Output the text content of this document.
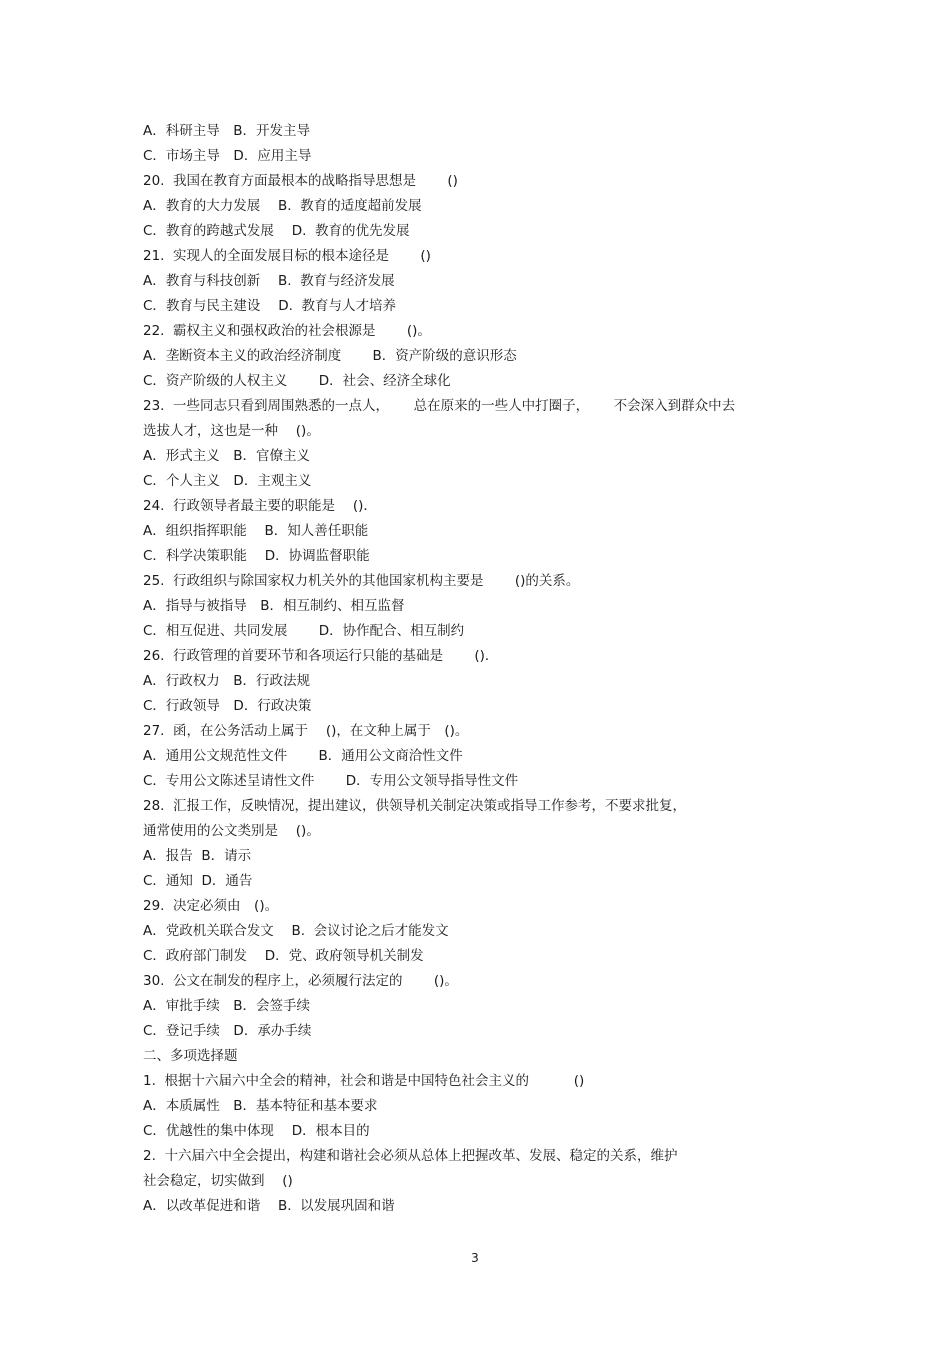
A．科研主导　B．开发主导
C．市场主导　D．应用主导
20.  我国在教育方面最根本的战略指导思想是　　 ()
A．教育的大力发展　 B.  教育的适度超前发展
C．教育的跨越式发展　 D.  教育的优先发展
21.  实现人的全面发展目标的根本途径是　　 ()
A．教育与科技创新　 B.  教育与经济发展
C．教育与民主建设　 D.  教育与人才培养
22.  霸权主义和强权政治的社会根源是　　 ()。
A．垄断资本主义的政治经济制度　　 B．资产阶级的意识形态
C．资产阶级的人权主义　　 D．社会、经济全球化
23.  一些同志只看到周围熟悉的一点人，　　 总在原来的一些人中打圈子，　　 不会深入到群众中去
选拔人才，这也是一种　 ()。
A．形式主义　B．官僚主义
C．个人主义　D．主观主义
24.  行政领导者最主要的职能是　 ()．
A．组织指挥职能　 B．知人善任职能
C．科学决策职能　 D．协调监督职能
25.  行政组织与除国家权力机关外的其他国家机构主要是　　 ()的关系。
A．指导与被指导　B．相互制约、相互监督
C．相互促进、共同发展　　 D．协作配合、相互制约
26.  行政管理的首要环节和各项运行只能的基础是　　 ()．
A．行政权力　B．行政法规
C．行政领导　D．行政决策
27.  函，在公务活动上属于　 ()，在文种上属于　()。
A．通用公文规范性文件　　 B．通用公文商洽性文件
C．专用公文陈述呈请性文件　　 D．专用公文领导指导性文件
28.  汇报工作，反映情况，提出建议，供领导机关制定决策或指导工作参考，不要求批复，
通常使用的公文类别是　 ()。
A．报告  B．请示
C．通知  D．通告
29.  决定必须由　()。
A．党政机关联合发文　 B.  会议讨论之后才能发文
C．政府部门制发　 D．党、政府领导机关制发
30.  公文在制发的程序上，必须履行法定的　　 ()。
A．审批手续　B．会签手续
C．登记手续　D．承办手续
二、多项选择题
1.  根据十六届六中全会的精神，社会和谐是中国特色社会主义的　　　 ()
A．本质属性　B．基本特征和基本要求
C．优越性的集中体现　 D．根本目的
2.  十六届六中全会提出，构建和谐社会必须从总体上把握改革、发展、稳定的关系，维护
社会稳定，切实做到　 ()
A．以改革促进和谐　 B.  以发展巩固和谐
3
